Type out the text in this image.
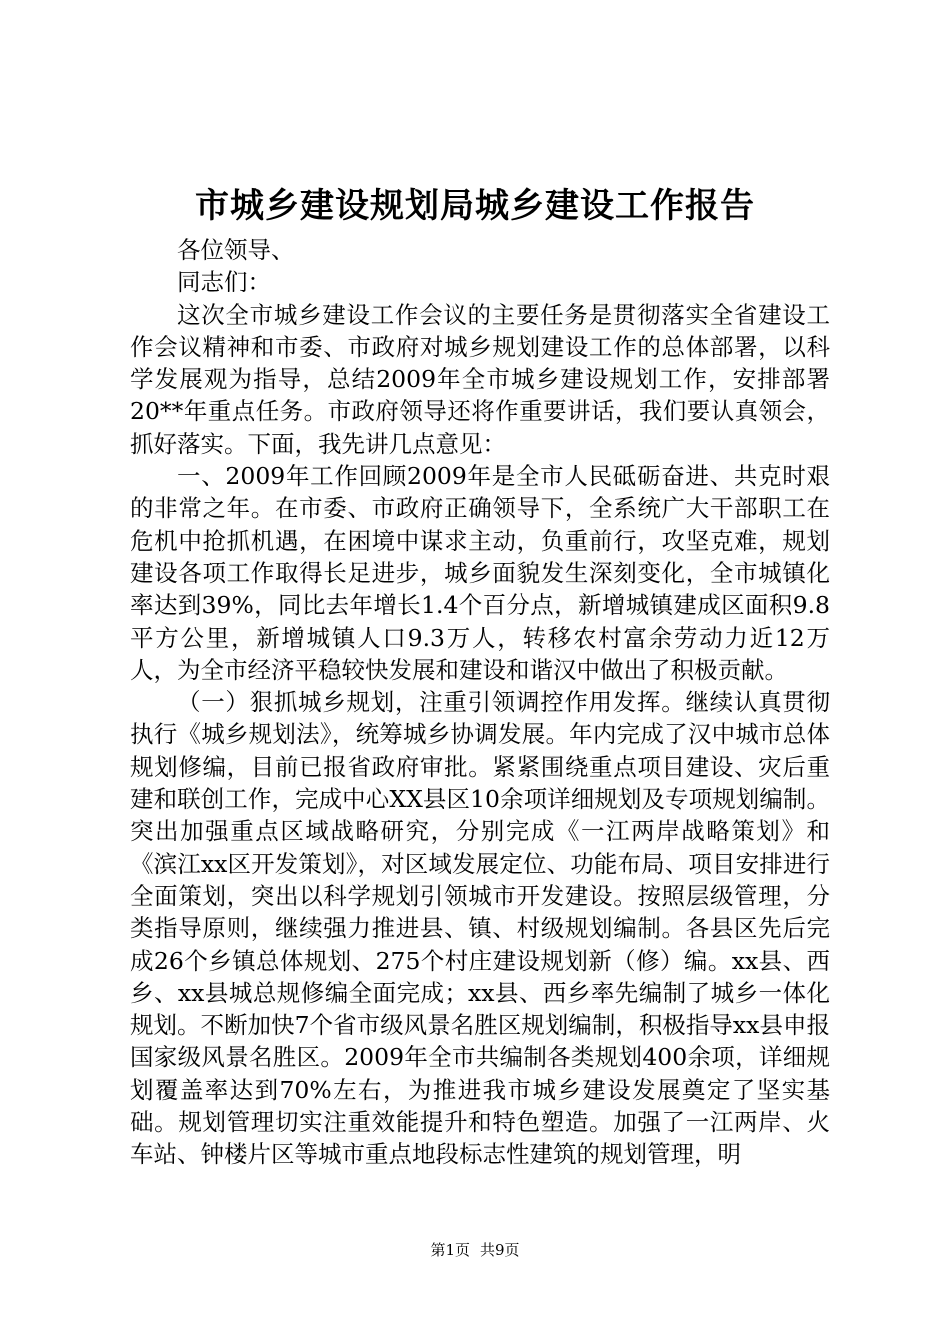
市城乡建设规划局城乡建设工作报告

各位领导、

同志们：

这次全市城乡建设工作会议的主要任务是贯彻落实全省建设工作会议精神和市委、市政府对城乡规划建设工作的总体部署，以科学发展观为指导，总结2009年全市城乡建设规划工作，安排部署20**年重点任务。市政府领导还将作重要讲话，我们要认真领会，抓好落实。下面，我先讲几点意见：

一、2009年工作回顾2009年是全市人民砥砺奋进、共克时艰的非常之年。在市委、市政府正确领导下，全系统广大干部职工在危机中抢抓机遇，在困境中谋求主动，负重前行，攻坚克难，规划建设各项工作取得长足进步，城乡面貌发生深刻变化，全市城镇化率达到39%，同比去年增长1.4个百分点，新增城镇建成区面积9.8平方公里，新增城镇人口9.3万人，转移农村富余劳动力近12万人，为全市经济平稳较快发展和建设和谐汉中做出了积极贡献。

（一）狠抓城乡规划，注重引领调控作用发挥。继续认真贯彻执行《城乡规划法》，统筹城乡协调发展。年内完成了汉中城市总体规划修编，目前已报省政府审批。紧紧围绕重点项目建设、灾后重建和联创工作，完成中心XX县区10余项详细规划及专项规划编制。突出加强重点区域战略研究，分别完成《一江两岸战略策划》和《滨江xx区开发策划》，对区域发展定位、功能布局、项目安排进行全面策划，突出以科学规划引领城市开发建设。按照层级管理，分类指导原则，继续强力推进县、镇、村级规划编制。各县区先后完成26个乡镇总体规划、275个村庄建设规划新（修）编。xx县、西乡、xx县城总规修编全面完成；xx县、西乡率先编制了城乡一体化规划。不断加快7个省市级风景名胜区规划编制，积极指导xx县申报国家级风景名胜区。2009年全市共编制各类规划400余项，详细规划覆盖率达到70%左右，为推进我市城乡建设发展奠定了坚实基础。规划管理切实注重效能提升和特色塑造。加强了一江两岸、火车站、钟楼片区等城市重点地段标志性建筑的规划管理，明

第1页 共9页
